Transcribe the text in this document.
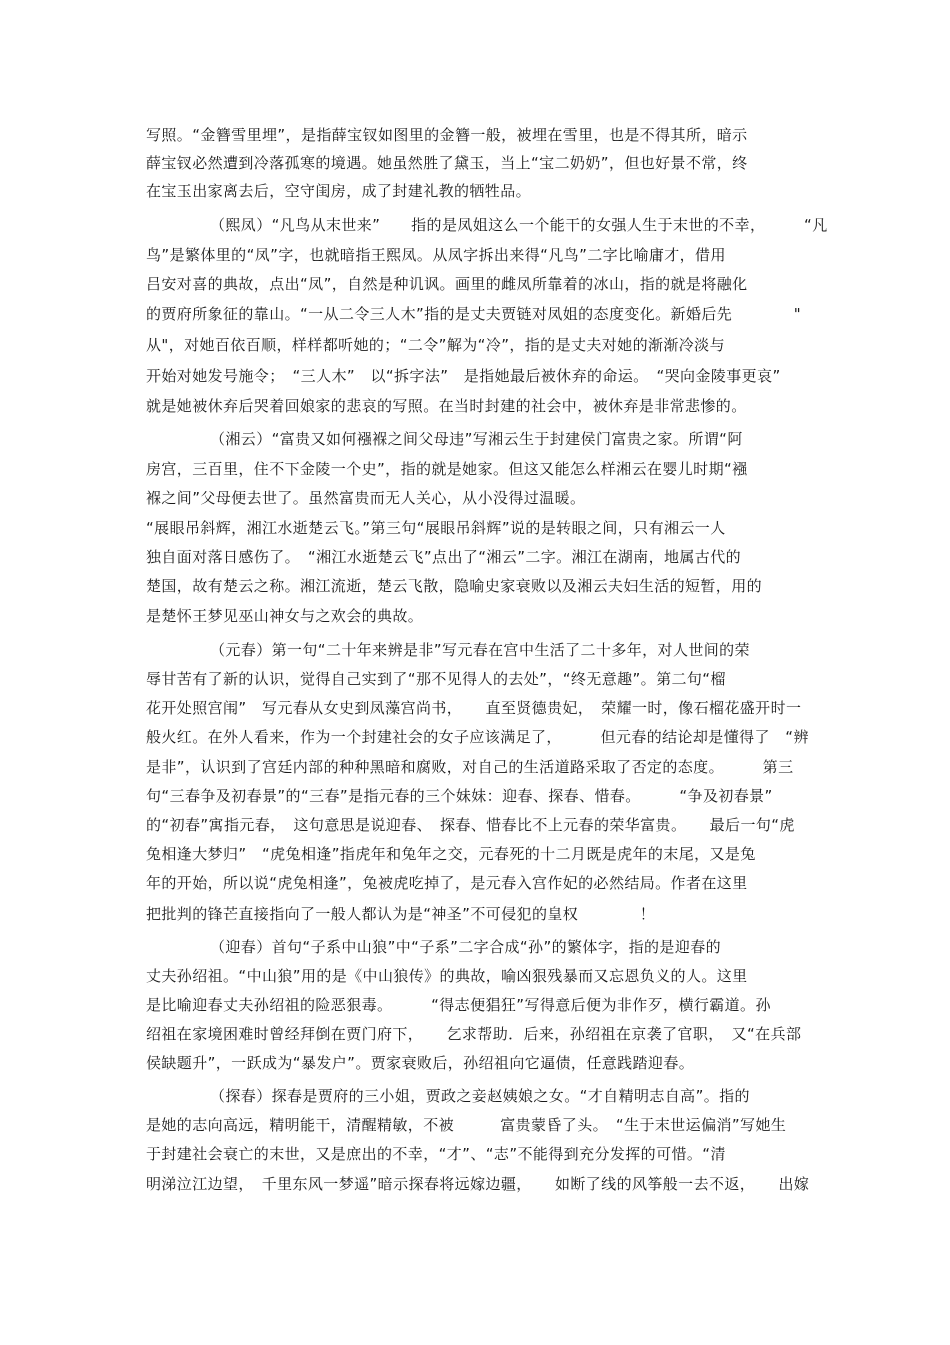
写照。“金簪雪里埋”，是指薛宝钗如图里的金簪一般，被埋在雪里，也是不得其所，暗示
薛宝钗必然遭到冷落孤寒的境遇。她虽然胜了黛玉，当上“宝二奶奶”，但也好景不常，终
在宝玉出家离去后，空守闺房，成了封建礼教的牺牲品。
（熙凤）“凡鸟从末世来”　　指的是凤姐这么一个能干的女强人生于末世的不幸，　　　“凡
鸟”是繁体里的“凤”字，也就暗指王熙凤。从凤字拆出来得“凡鸟”二字比喻庸才，借用
吕安对喜的典故，点出“凤”，自然是种讥讽。画里的雌凤所靠着的冰山，指的就是将融化
的贾府所象征的靠山。“一从二令三人木”指的是丈夫贾链对凤姐的态度变化。新婚后先　　　　"
从"，对她百依百顺，样样都听她的；“二令”解为“冷”，指的是丈夫对她的渐渐冷淡与
开始对她发号施令；　“三人木”　以“拆字法”　是指她最后被休弃的命运。　“哭向金陵事更哀”
就是她被休弃后哭着回娘家的悲哀的写照。在当时封建的社会中，被休弃是非常悲惨的。
（湘云）“富贵又如何襁褓之间父母违”写湘云生于封建侯门富贵之家。所谓“阿
房宫，三百里，住不下金陵一个史”，指的就是她家。但这又能怎么样湘云在婴儿时期“襁
褓之间”父母便去世了。虽然富贵而无人关心，从小没得过温暖。
“展眼吊斜辉，湘江水逝楚云飞。”第三句“展眼吊斜辉”说的是转眼之间，只有湘云一人
独自面对落日感伤了。　“湘江水逝楚云飞”点出了“湘云”二字。湘江在湖南，地属古代的
楚国，故有楚云之称。湘江流逝，楚云飞散，隐喻史家衰败以及湘云夫妇生活的短暂，用的
是楚怀王梦见巫山神女与之欢会的典故。
（元春）第一句“二十年来辨是非”写元春在宫中生活了二十多年，对人世间的荣
辱甘苦有了新的认识，觉得自己实到了“那不见得人的去处”，“终无意趣”。第二句“榴
花开处照宫闱”　写元春从女史到凤藻宫尚书，　　直至贤德贵妃，　荣耀一时，像石榴花盛开时一
般火红。在外人看来，作为一个封建社会的女子应该满足了，　　　但元春的结论却是懂得了　“辨
是非”，认识到了宫廷内部的种种黑暗和腐败，对自己的生活道路采取了否定的态度。　　　第三
句“三春争及初春景”的“三春”是指元春的三个妹妹：迎春、探春、惜春。　　　“争及初春景”
的“初春”寓指元春，　这句意思是说迎春、　探春、惜春比不上元春的荣华富贵。　　最后一句“虎
兔相逢大梦归”　“虎兔相逢”指虎年和兔年之交，元春死的十二月既是虎年的末尾，又是兔
年的开始，所以说“虎兔相逢”，兔被虎吃掉了，是元春入宫作妃的必然结局。作者在这里
把批判的锋芒直接指向了一般人都认为是“神圣”不可侵犯的皇权　　　　！
（迎春）首句“子系中山狼”中“子系”二字合成“孙”的繁体字，指的是迎春的
丈夫孙绍祖。“中山狼”用的是《中山狼传》的典故，喻凶狠残暴而又忘恩负义的人。这里
是比喻迎春丈夫孙绍祖的险恶狠毒。　　　“得志便猖狂”写得意后便为非作歹，横行霸道。孙
绍祖在家境困难时曾经拜倒在贾门府下，　　乞求帮助．后来，孙绍祖在京袭了官职，　又“在兵部
侯缺题升”，一跃成为“暴发户”。贾家衰败后，孙绍祖向它逼债，任意践踏迎春。
（探春）探春是贾府的三小姐，贾政之妾赵姨娘之女。“才自精明志自高”。指的
是她的志向高远，精明能干，清醒精敏，不被　　　富贵蒙昏了头。　“生于末世运偏消”写她生
于封建社会衰亡的末世，又是庶出的不幸，“才”、“志”不能得到充分发挥的可惜。“清
明涕泣江边望，　千里东风一梦遥”暗示探春将远嫁边疆，　　如断了线的风筝般一去不返，　　出嫁
